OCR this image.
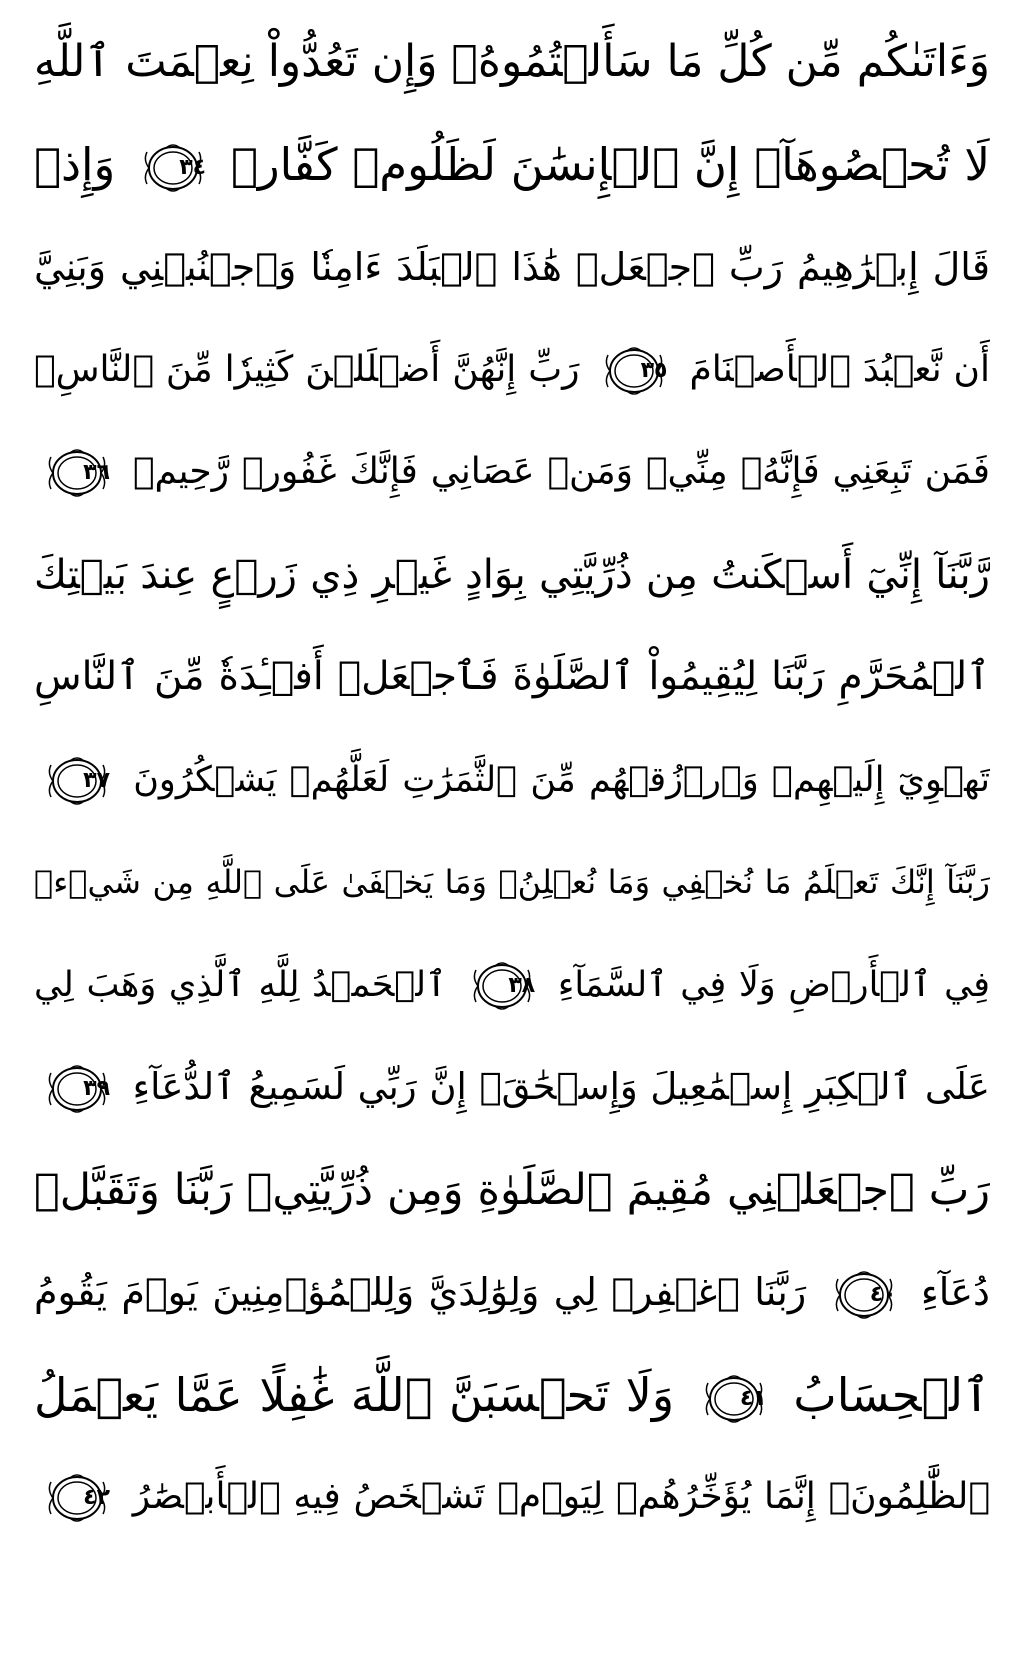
وَءَاتَىٰكُم مِّن كُلِّ مَا سَأَلۡتُمُوهُۚ وَإِن تَعُدُّواْ نِعۡمَتَ ٱللَّهِ
لَا تُحۡصُوهَآۗ إِنَّ ٱلۡإِنسَٰنَ لَظَلُومٞ كَفَّارٞ
٣٤
وَإِذۡ
قَالَ إِبۡرَٰهِيمُ رَبِّ ٱجۡعَلۡ هَٰذَا ٱلۡبَلَدَ ءَامِنٗا وَٱجۡنُبۡنِي وَبَنِيَّ
أَن نَّعۡبُدَ ٱلۡأَصۡنَامَ
٣٥
رَبِّ إِنَّهُنَّ أَضۡلَلۡنَ كَثِيرٗا مِّنَ ٱلنَّاسِۖ
فَمَن تَبِعَنِي فَإِنَّهُۥ مِنِّيۖ وَمَنۡ عَصَانِي فَإِنَّكَ غَفُورٞ رَّحِيمٞ
٣٦
رَّبَّنَآ إِنِّيٓ أَسۡكَنتُ مِن ذُرِّيَّتِي بِوَادٍ غَيۡرِ ذِي زَرۡعٍ عِندَ بَيۡتِكَ
ٱلۡمُحَرَّمِ رَبَّنَا لِيُقِيمُواْ ٱلصَّلَوٰةَ فَٱجۡعَلۡ أَفۡـِٔدَةٗ مِّنَ ٱلنَّاسِ
تَهۡوِيٓ إِلَيۡهِمۡ وَٱرۡزُقۡهُم مِّنَ ٱلثَّمَرَٰتِ لَعَلَّهُمۡ يَشۡكُرُونَ
٣٧
رَبَّنَآ إِنَّكَ تَعۡلَمُ مَا نُخۡفِي وَمَا نُعۡلِنُۗ وَمَا يَخۡفَىٰ عَلَى ٱللَّهِ مِن شَيۡءٖ
فِي ٱلۡأَرۡضِ وَلَا فِي ٱلسَّمَآءِ
٣٨
ٱلۡحَمۡدُ لِلَّهِ ٱلَّذِي وَهَبَ لِي
عَلَى ٱلۡكِبَرِ إِسۡمَٰعِيلَ وَإِسۡحَٰقَۚ إِنَّ رَبِّي لَسَمِيعُ ٱلدُّعَآءِ
٣٩
رَبِّ ٱجۡعَلۡنِي مُقِيمَ ٱلصَّلَوٰةِ وَمِن ذُرِّيَّتِيۚ رَبَّنَا وَتَقَبَّلۡ
دُعَآءِ
٤٠
رَبَّنَا ٱغۡفِرۡ لِي وَلِوَٰلِدَيَّ وَلِلۡمُؤۡمِنِينَ يَوۡمَ يَقُومُ
ٱلۡحِسَابُ
٤١
وَلَا تَحۡسَبَنَّ ٱللَّهَ غَٰفِلًا عَمَّا يَعۡمَلُ
ٱلظَّٰلِمُونَۚ إِنَّمَا يُؤَخِّرُهُمۡ لِيَوۡمٖ تَشۡخَصُ فِيهِ ٱلۡأَبۡصَٰرُ
٤٢
